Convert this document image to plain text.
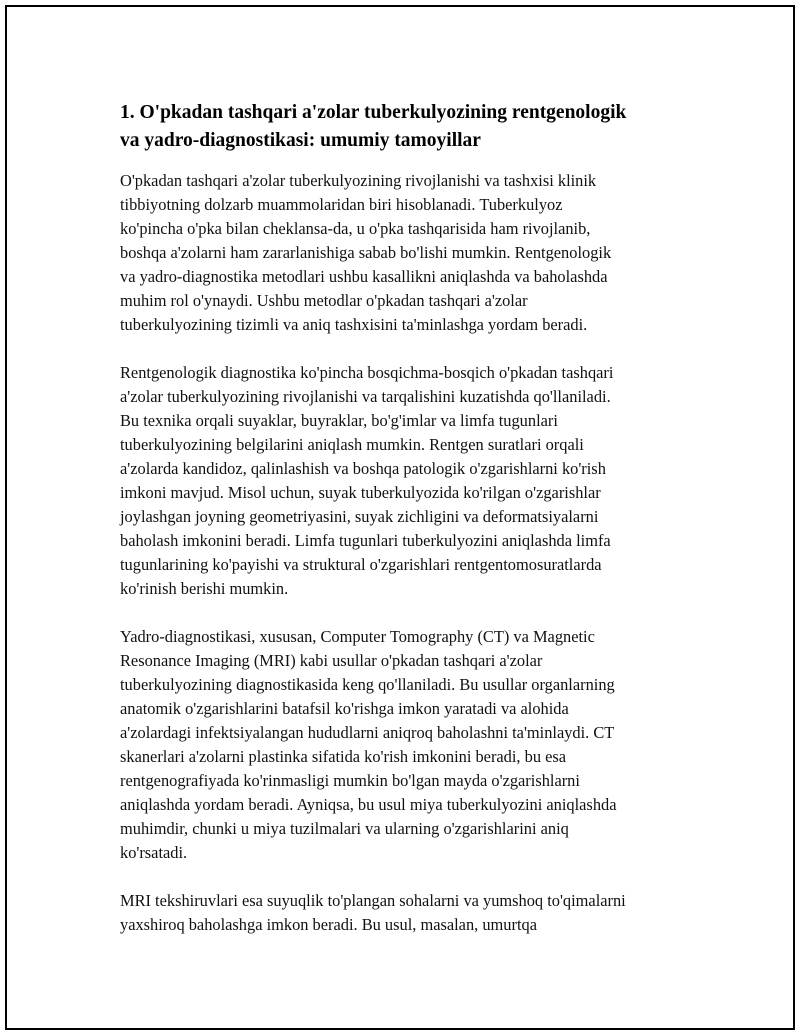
1. O'pkadan tashqari a'zolar tuberkulyozining rentgenologik
va yadro-diagnostikasi: umumiy tamoyillar

O'pkadan tashqari a'zolar tuberkulyozining rivojlanishi va tashxisi klinik
tibbiyotning dolzarb muammolaridan biri hisoblanadi. Tuberkulyoz
ko'pincha o'pka bilan cheklansa-da, u o'pka tashqarisida ham rivojlanib,
boshqa a'zolarni ham zararlanishiga sabab bo'lishi mumkin. Rentgenologik
va yadro-diagnostika metodlari ushbu kasallikni aniqlashda va baholashda
muhim rol o'ynaydi. Ushbu metodlar o'pkadan tashqari a'zolar
tuberkulyozining tizimli va aniq tashxisini ta'minlashga yordam beradi.

Rentgenologik diagnostika ko'pincha bosqichma-bosqich o'pkadan tashqari
a'zolar tuberkulyozining rivojlanishi va tarqalishini kuzatishda qo'llaniladi.
Bu texnika orqali suyaklar, buyraklar, bo'g'imlar va limfa tugunlari
tuberkulyozining belgilarini aniqlash mumkin. Rentgen suratlari orqali
a'zolarda kandidoz, qalinlashish va boshqa patologik o'zgarishlarni ko'rish
imkoni mavjud. Misol uchun, suyak tuberkulyozida ko'rilgan o'zgarishlar
joylashgan joyning geometriyasini, suyak zichligini va deformatsiyalarni
baholash imkonini beradi. Limfa tugunlari tuberkulyozini aniqlashda limfa
tugunlarining ko'payishi va struktural o'zgarishlari rentgentomosuratlarda
ko'rinish berishi mumkin.

Yadro-diagnostikasi, xususan, Computer Tomography (CT) va Magnetic
Resonance Imaging (MRI) kabi usullar o'pkadan tashqari a'zolar
tuberkulyozining diagnostikasida keng qo'llaniladi. Bu usullar organlarning
anatomik o'zgarishlarini batafsil ko'rishga imkon yaratadi va alohida
a'zolardagi infektsiyalangan hududlarni aniqroq baholashni ta'minlaydi. CT
skanerlari a'zolarni plastinka sifatida ko'rish imkonini beradi, bu esa
rentgenografiyada ko'rinmasligi mumkin bo'lgan mayda o'zgarishlarni
aniqlashda yordam beradi. Ayniqsa, bu usul miya tuberkulyozini aniqlashda
muhimdir, chunki u miya tuzilmalari va ularning o'zgarishlarini aniq
ko'rsatadi.

MRI tekshiruvlari esa suyuqlik to'plangan sohalarni va yumshoq to'qimalarni
yaxshiroq baholashga imkon beradi. Bu usul, masalan, umurtqa
